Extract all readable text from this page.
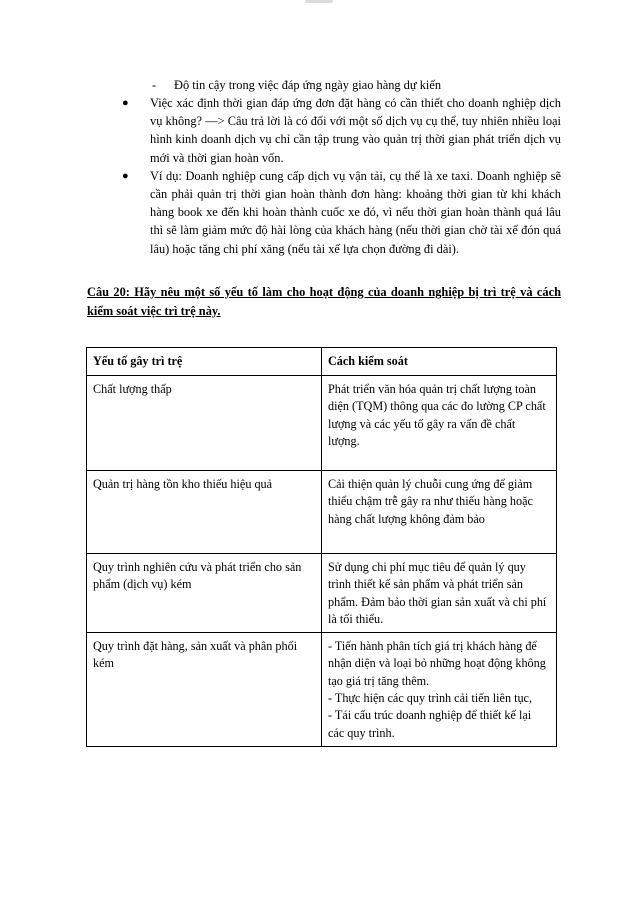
- Độ tin cậy trong việc đáp ứng ngày giao hàng dự kiến
● Việc xác định thời gian đáp ứng đơn đặt hàng có cần thiết cho doanh nghiệp dịch vụ không? —> Câu trả lời là có đối với một số dịch vụ cụ thể, tuy nhiên nhiều loại hình kinh doanh dịch vụ chỉ cần tập trung vào quản trị thời gian phát triển dịch vụ mới và thời gian hoàn vốn.
● Ví dụ: Doanh nghiệp cung cấp dịch vụ vận tải, cụ thể là xe taxi. Doanh nghiệp sẽ cần phải quản trị thời gian hoàn thành đơn hàng: khoảng thời gian từ khi khách hàng book xe đến khi hoàn thành cuốc xe đó, vì nếu thời gian hoàn thành quá lâu thì sẽ làm giảm mức độ hài lòng của khách hàng (nếu thời gian chờ tài xế đón quá lâu) hoặc tăng chi phí xăng (nếu tài xế lựa chọn đường đi dài).
Câu 20: Hãy nêu một số yếu tố làm cho hoạt động của doanh nghiệp bị trì trệ và cách kiểm soát việc trì trệ này.
Yếu tố gây trì trệ	Cách kiểm soát
Chất lượng thấp	Phát triển văn hóa quản trị chất lượng toàn diện (TQM) thông qua các đo lường CP chất lượng và các yếu tố gây ra vấn đề chất lượng.

Quản trị hàng tồn kho thiếu hiệu quả	Cải thiện quản lý chuỗi cung ứng để giảm thiểu chậm trễ gây ra như thiếu hàng hoặc hàng chất lượng không đảm bảo

Quy trình nghiên cứu và phát triển cho sản phẩm (dịch vụ) kém	Sử dụng chi phí mục tiêu để quản lý quy trình thiết kế sản phẩm và phát triển sản phẩm. Đảm bảo thời gian sản xuất và chi phí là tối thiểu.

Quy trình đặt hàng, sản xuất và phân phối kém	- Tiến hành phân tích giá trị khách hàng để nhận diện và loại bỏ những hoạt động không tạo giá trị tăng thêm.
- Thực hiện các quy trình cải tiến liên tục,
- Tái cấu trúc doanh nghiệp để thiết kế lại các quy trình.
